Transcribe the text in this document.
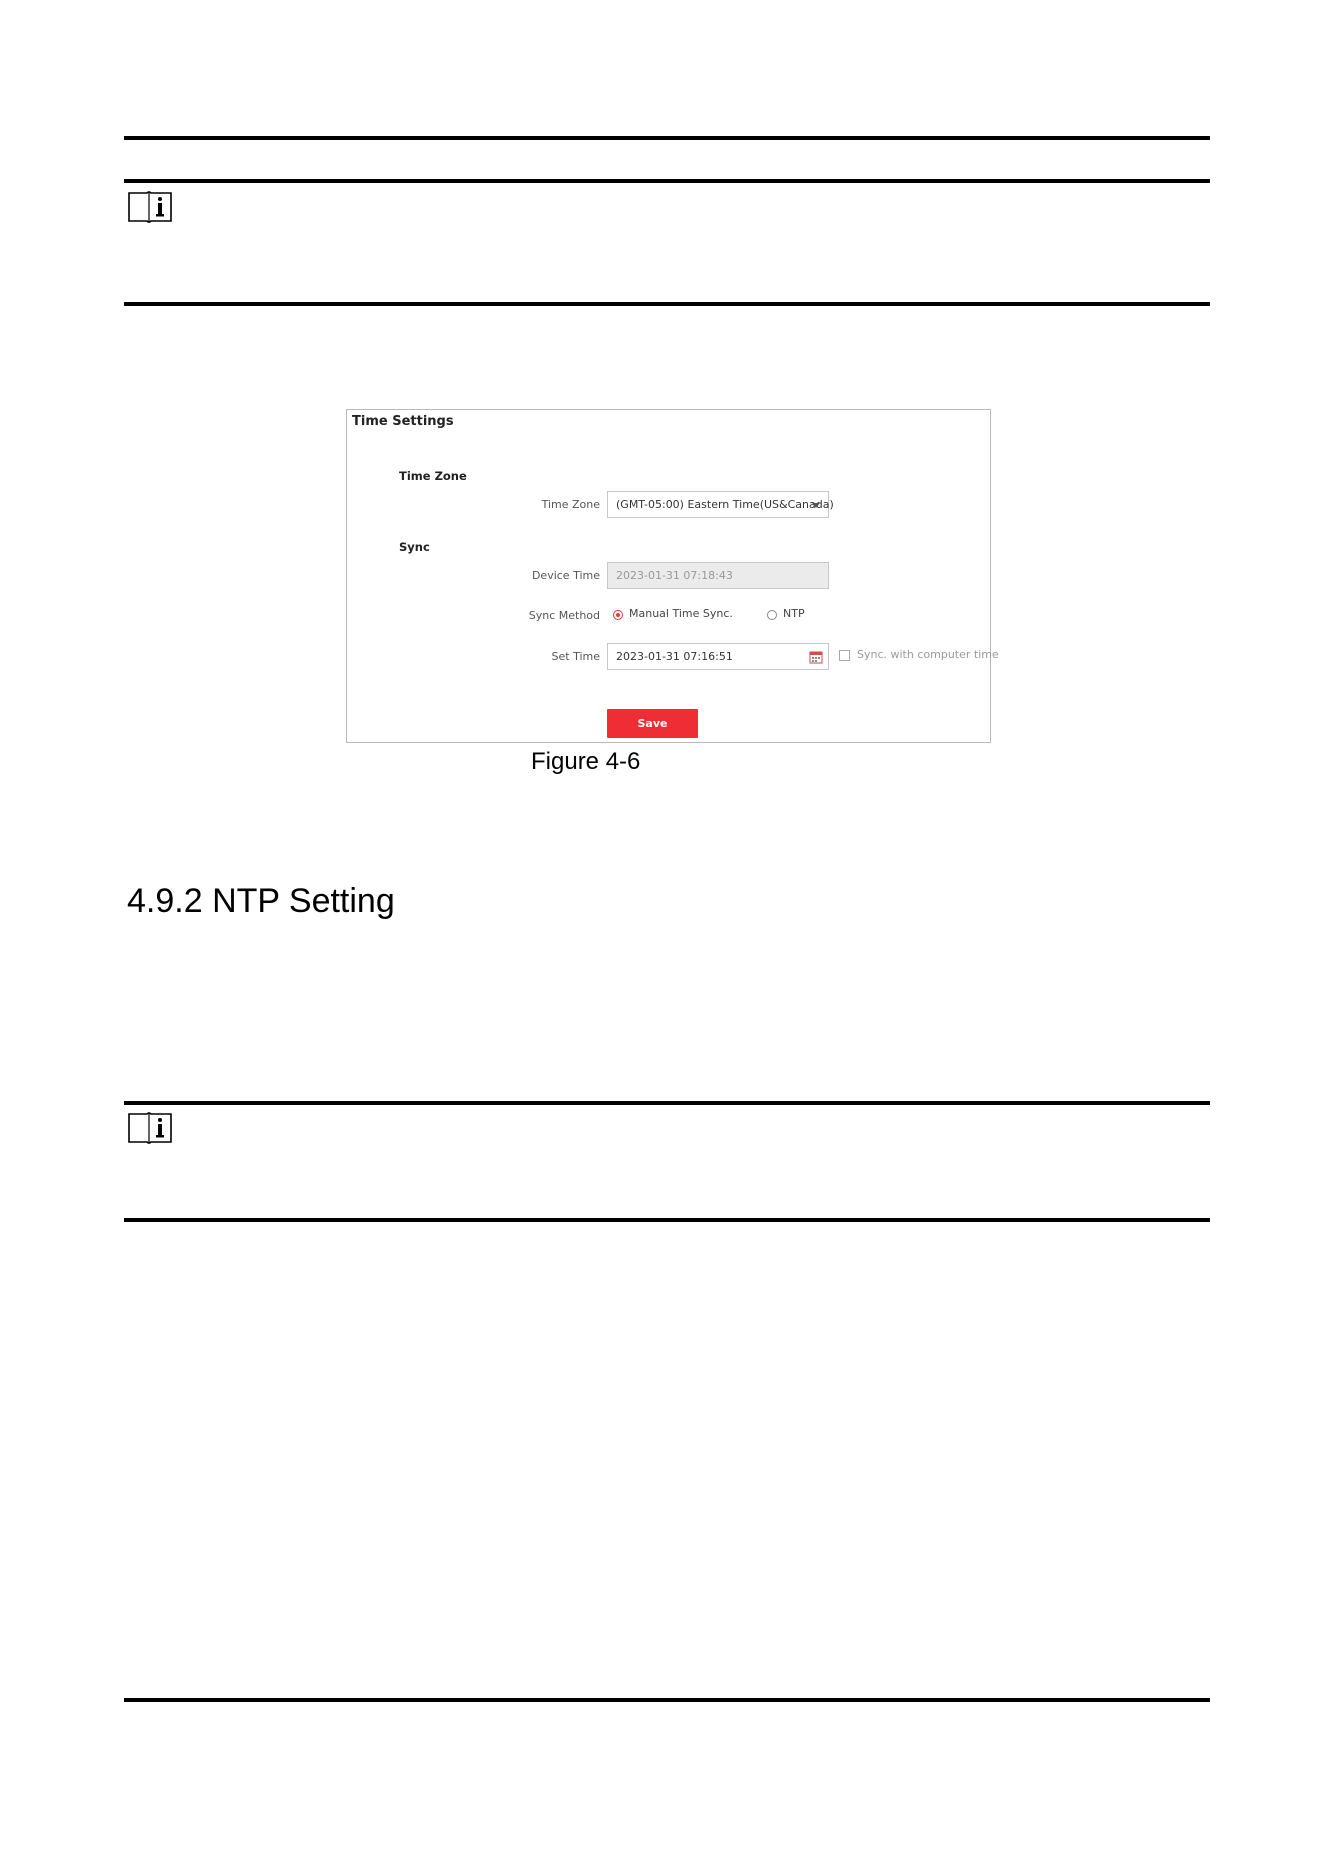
Time Settings
Time Zone
Time Zone	(GMT-05:00) Eastern Time(US&Canada)
Sync
Device Time	2023-01-31 07:18:43
Sync Method	Manual Time Sync.	NTP
Set Time	2023-01-31 07:16:51	Sync. with computer time
Save
Figure 4-6
4.9.2 NTP Setting
